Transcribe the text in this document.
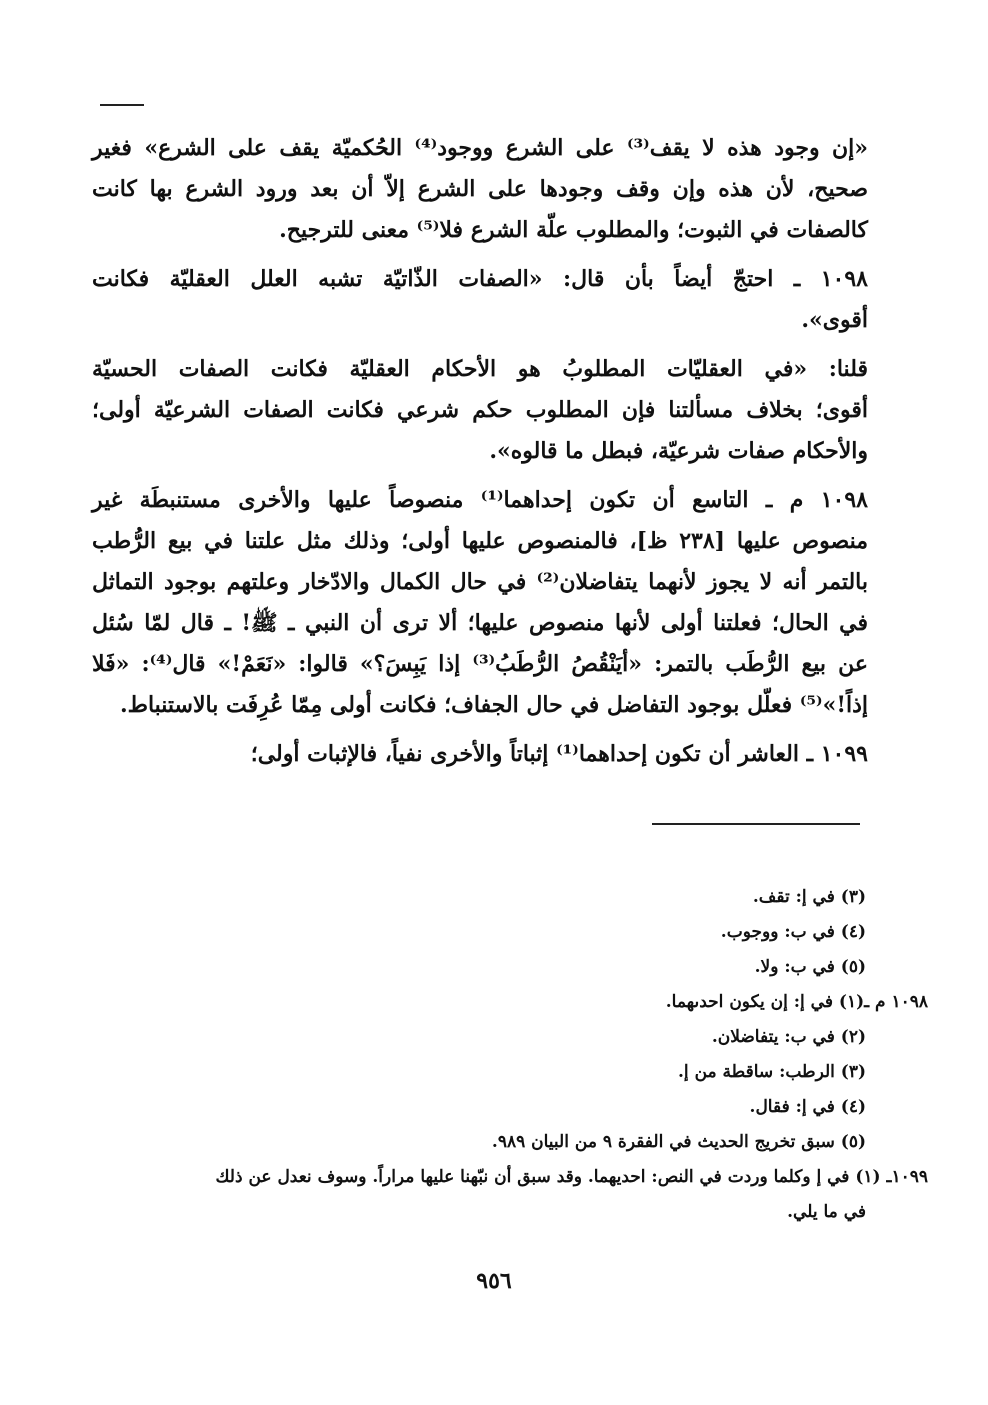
«إن وجود هذه لا يقف⁽³⁾ على الشرع ووجود⁽⁴⁾ الحُكميّة يقف على الشرع» فغير
صحيح، لأن هذه وإن وقف وجودها على الشرع إلاّ أن بعد ورود الشرع بها كانت
كالصفات في الثبوت؛ والمطلوب علّة الشرع فلا⁽⁵⁾ معنى للترجيح.

١٠٩٨ ـ احتجّ أيضاً بأن قال: «الصفات الذّاتيّة تشبه العلل العقليّة فكانت
أقوى».

قلنا: «في العقليّات المطلوبُ هو الأحكام العقليّة فكانت الصفات الحسيّة
أقوى؛ بخلاف مسألتنا فإن المطلوب حكم شرعي فكانت الصفات الشرعيّة أولى؛
والأحكام صفات شرعيّة، فبطل ما قالوه».

١٠٩٨ م ـ التاسع أن تكون إحداهما⁽¹⁾ منصوصاً عليها والأخرى مستنبطَة غير
منصوص عليها [٢٣٨ ظ]، فالمنصوص عليها أولى؛ وذلك مثل علتنا في بيع الرُّطب
بالتمر أنه لا يجوز لأنهما يتفاضلان⁽²⁾ في حال الكمال والادّخار وعلتهم بوجود التماثل
في الحال؛ فعلتنا أولى لأنها منصوص عليها؛ ألا ترى أن النبي ـ ﷺ! ـ قال لمّا سُئل
عن بيع الرُّطَب بالتمر: «أيَنْقُصُ الرُّطَبُ⁽³⁾ إذا يَبِسَ؟» قالوا: «نَعَمْ!» قال⁽⁴⁾: «فَلا
إذاً!»⁽⁵⁾ فعلّل بوجود التفاضل في حال الجفاف؛ فكانت أولى مِمّا عُرِفَت بالاستنباط.

١٠٩٩ ـ العاشر أن تكون إحداهما⁽¹⁾ إثباتاً والأخرى نفياً، فالإثبات أولى؛

(٣) في إ: تقف.
(٤) في ب: ووجوب.
(٥) في ب: ولا.
١٠٩٨ م ـ(١) في إ: إن يكون احدىهما.
(٢) في ب: يتفاضلان.
(٣) الرطب: ساقطة من إ.
(٤) في إ: فقال.
(٥) سبق تخريج الحديث في الفقرة ٩ من البيان ٩٨٩.
١٠٩٩ـ (١) في إ وكلما وردت في النص: احديهما. وقد سبق أن نبّهنا عليها مراراً. وسوف نعدل عن ذلك
في ما يلي.
٩٥٦
